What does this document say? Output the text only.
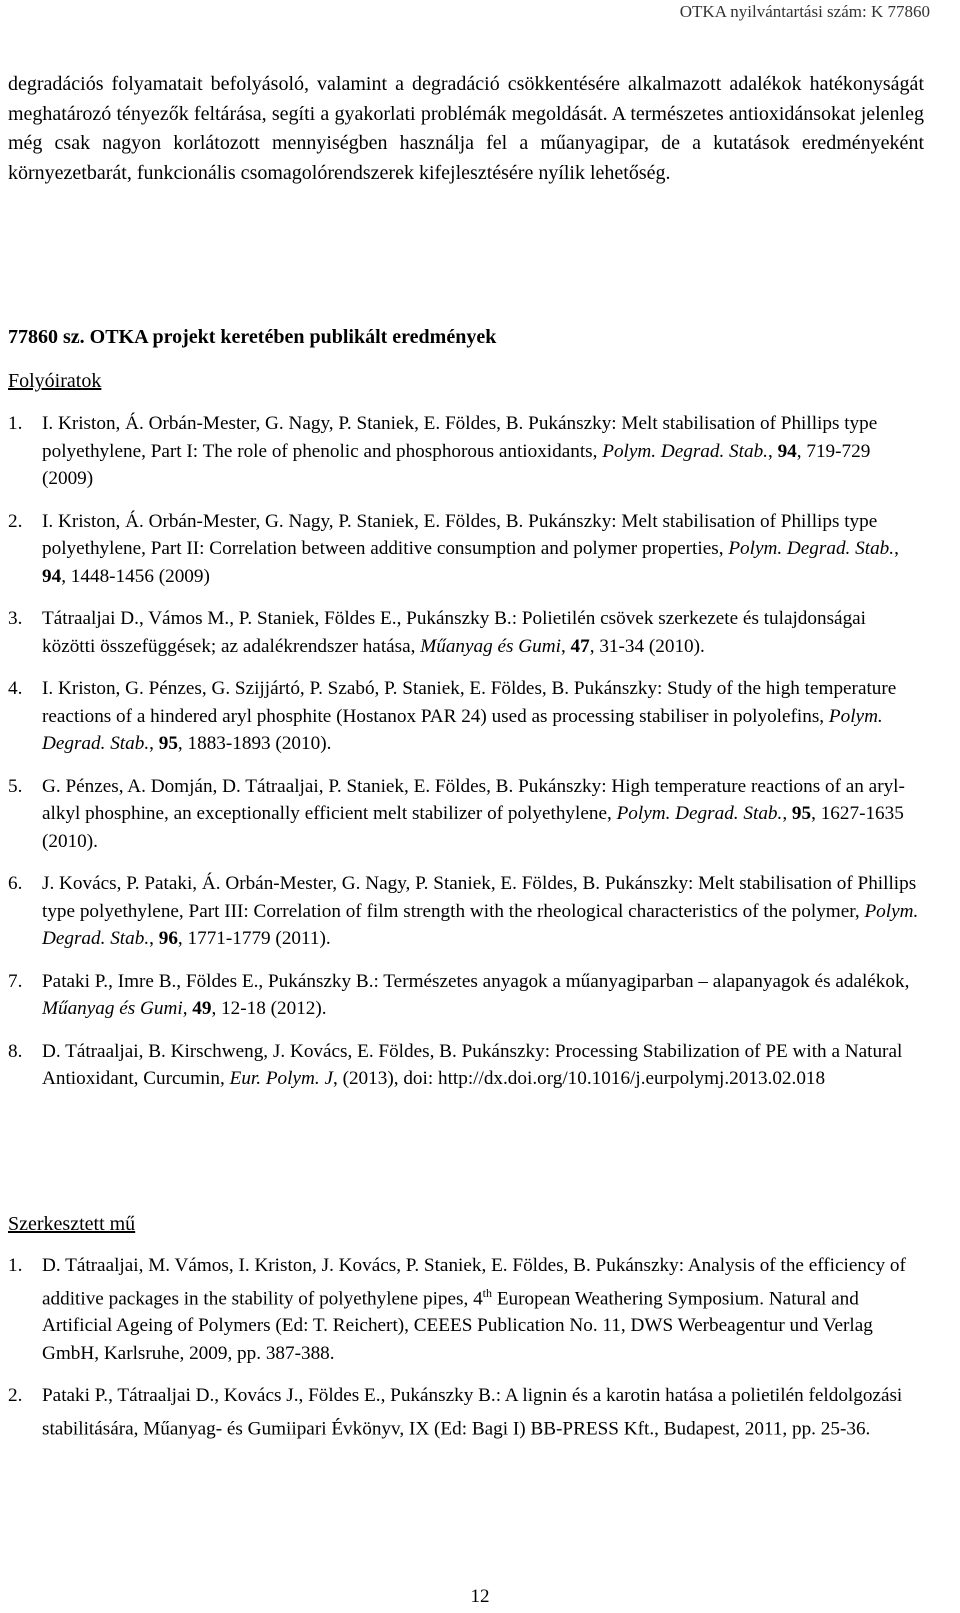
OTKA nyilvántartási szám: K 77860

degradációs folyamatait befolyásoló, valamint a degradáció csökkentésére alkalmazott adalékok hatékonyságát meghatározó tényezők feltárása, segíti a gyakorlati problémák megoldását. A természetes antioxidánsokat jelenleg még csak nagyon korlátozott mennyiségben használja fel a műanyagipar, de a kutatások eredményeként környezetbarát, funkcionális csomagolórendszerek kifejlesztésére nyílik lehetőség.

77860 sz. OTKA projekt keretében publikált eredmények
Folyóiratok
1. I. Kriston, Á. Orbán-Mester, G. Nagy, P. Staniek, E. Földes, B. Pukánszky: Melt stabilisation of Phillips type polyethylene, Part I: The role of phenolic and phosphorous antioxidants, Polym. Degrad. Stab., 94, 719-729 (2009)
2. I. Kriston, Á. Orbán-Mester, G. Nagy, P. Staniek, E. Földes, B. Pukánszky: Melt stabilisation of Phillips type polyethylene, Part II: Correlation between additive consumption and polymer properties, Polym. Degrad. Stab., 94, 1448-1456 (2009)
3. Tátraaljai D., Vámos M., P. Staniek, Földes E., Pukánszky B.: Polietilén csövek szerkezete és tulajdonságai közötti összefüggések; az adalékrendszer hatása, Műanyag és Gumi, 47, 31-34 (2010).
4. I. Kriston, G. Pénzes, G. Szijjártó, P. Szabó, P. Staniek, E. Földes, B. Pukánszky: Study of the high temperature reactions of a hindered aryl phosphite (Hostanox PAR 24) used as processing stabiliser in polyolefins, Polym. Degrad. Stab., 95, 1883-1893 (2010).
5. G. Pénzes, A. Domján, D. Tátraaljai, P. Staniek, E. Földes, B. Pukánszky: High temperature reactions of an aryl-alkyl phosphine, an exceptionally efficient melt stabilizer of polyethylene, Polym. Degrad. Stab., 95, 1627-1635 (2010).
6. J. Kovács, P. Pataki, Á. Orbán-Mester, G. Nagy, P. Staniek, E. Földes, B. Pukánszky: Melt stabilisation of Phillips type polyethylene, Part III: Correlation of film strength with the rheological characteristics of the polymer, Polym. Degrad. Stab., 96, 1771-1779 (2011).
7. Pataki P., Imre B., Földes E., Pukánszky B.: Természetes anyagok a műanyagiparban – alapanyagok és adalékok, Műanyag és Gumi, 49, 12-18 (2012).
8. D. Tátraaljai, B. Kirschweng, J. Kovács, E. Földes, B. Pukánszky: Processing Stabilization of PE with a Natural Antioxidant, Curcumin, Eur. Polym. J, (2013), doi: http://dx.doi.org/10.1016/j.eurpolymj.2013.02.018
Szerkesztett mű
1. D. Tátraaljai, M. Vámos, I. Kriston, J. Kovács, P. Staniek, E. Földes, B. Pukánszky: Analysis of the efficiency of additive packages in the stability of polyethylene pipes, 4th European Weathering Symposium. Natural and Artificial Ageing of Polymers (Ed: T. Reichert), CEEES Publication No. 11, DWS Werbeagentur und Verlag GmbH, Karlsruhe, 2009, pp. 387-388.
2. Pataki P., Tátraaljai D., Kovács J., Földes E., Pukánszky B.: A lignin és a karotin hatása a polietilén feldolgozási stabilitására, Műanyag- és Gumiipari Évkönyv, IX (Ed: Bagi I) BB-PRESS Kft., Budapest, 2011, pp. 25-36.
12
